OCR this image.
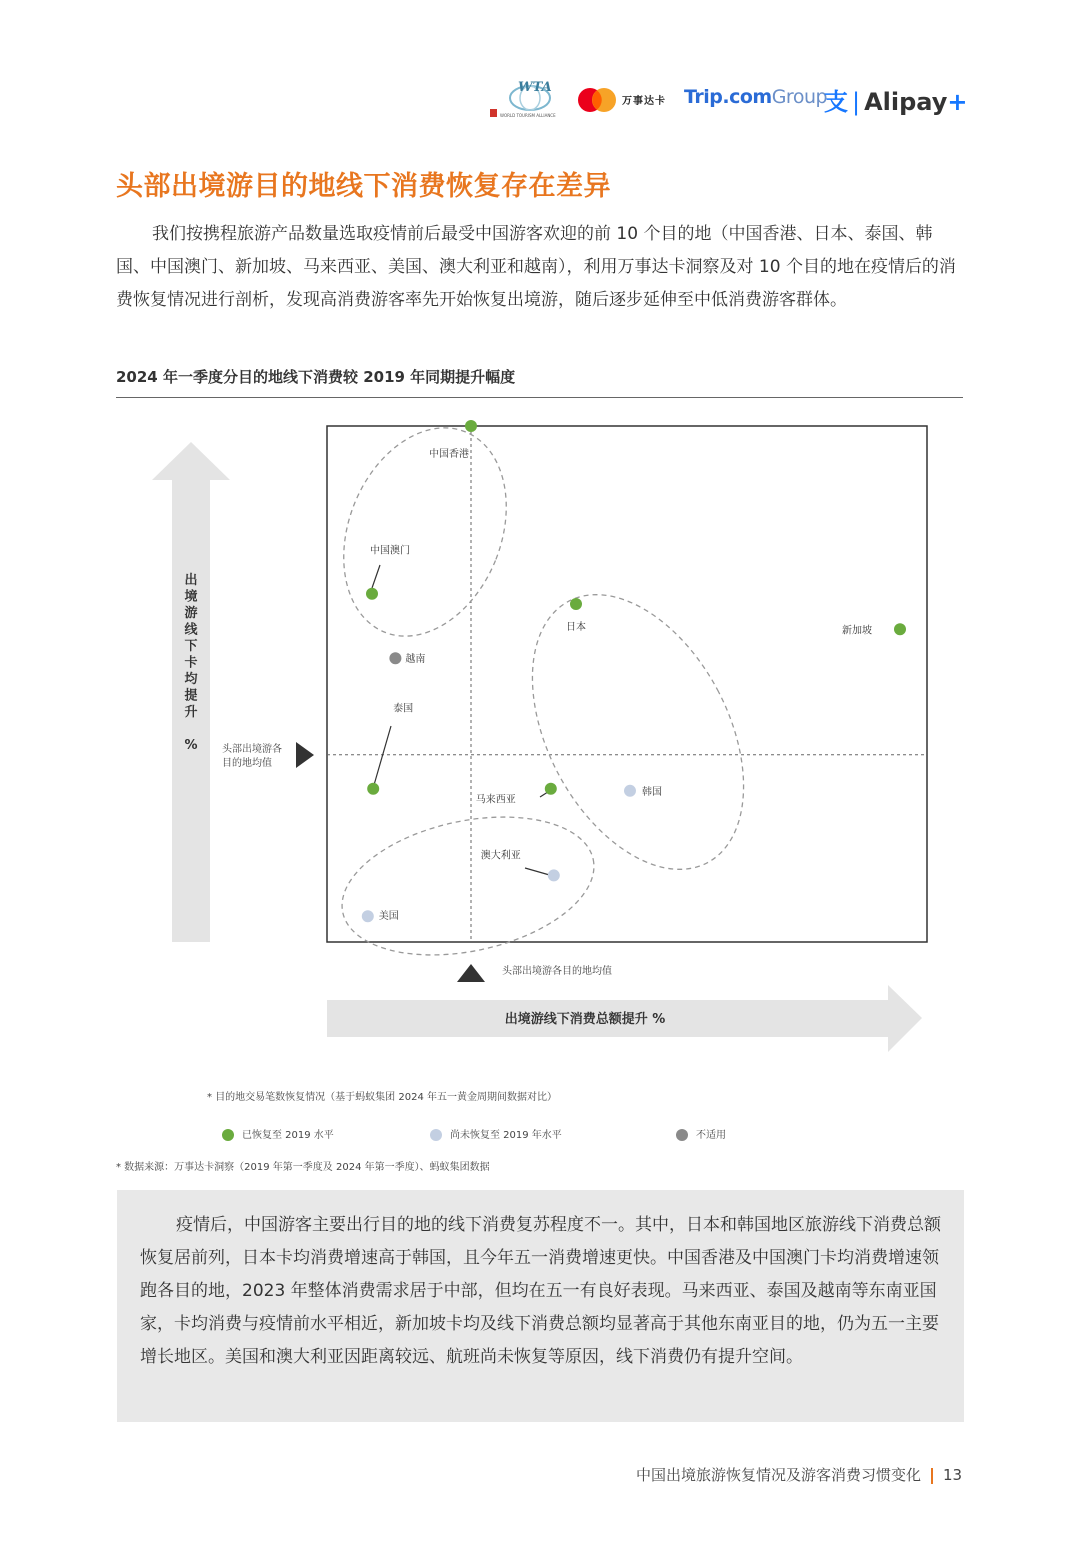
WTA
WORLD TOURISM ALLIANCE
万事达卡 Trip.comGroup
支 | Alipay+
头部出境游目的地线下消费恢复存在差异
我们按携程旅游产品数量选取疫情前后最受中国游客欢迎的前 10 个目的地（中国香港、日本、泰国、韩国、中国澳门、新加坡、马来西亚、美国、澳大利亚和越南），利用万事达卡洞察及对 10 个目的地在疫情后的消费恢复情况进行剖析，发现高消费游客率先开始恢复出境游，随后逐步延伸至中低消费游客群体。
2024 年一季度分目的地线下消费较 2019 年同期提升幅度
出境游线下卡均提升 %
出境游线下消费总额提升 %
头部出境游各
目的地均值
头部出境游各目的地均值
中国香港
中国澳门
日本	新加坡
越南
泰国
马来西亚
韩国
澳大利亚
美国
* 目的地交易笔数恢复情况（基于蚂蚁集团 2024 年五一黄金周期间数据对比）
已恢复至 2019 水平	尚未恢复至 2019 年水平	不适用
* 数据来源：万事达卡洞察（2019 年第一季度及 2024 年第一季度）、蚂蚁集团数据
疫情后，中国游客主要出行目的地的线下消费复苏程度不一。其中，日本和韩国地区旅游线下消费总额恢复居前列，日本卡均消费增速高于韩国，且今年五一消费增速更快。中国香港及中国澳门卡均消费增速领跑各目的地，2023 年整体消费需求居于中部，但均在五一有良好表现。马来西亚、泰国及越南等东南亚国家，卡均消费与疫情前水平相近，新加坡卡均及线下消费总额均显著高于其他东南亚目的地，仍为五一主要增长地区。美国和澳大利亚因距离较远、航班尚未恢复等原因，线下消费仍有提升空间。
中国出境旅游恢复情况及游客消费习惯变化 13
